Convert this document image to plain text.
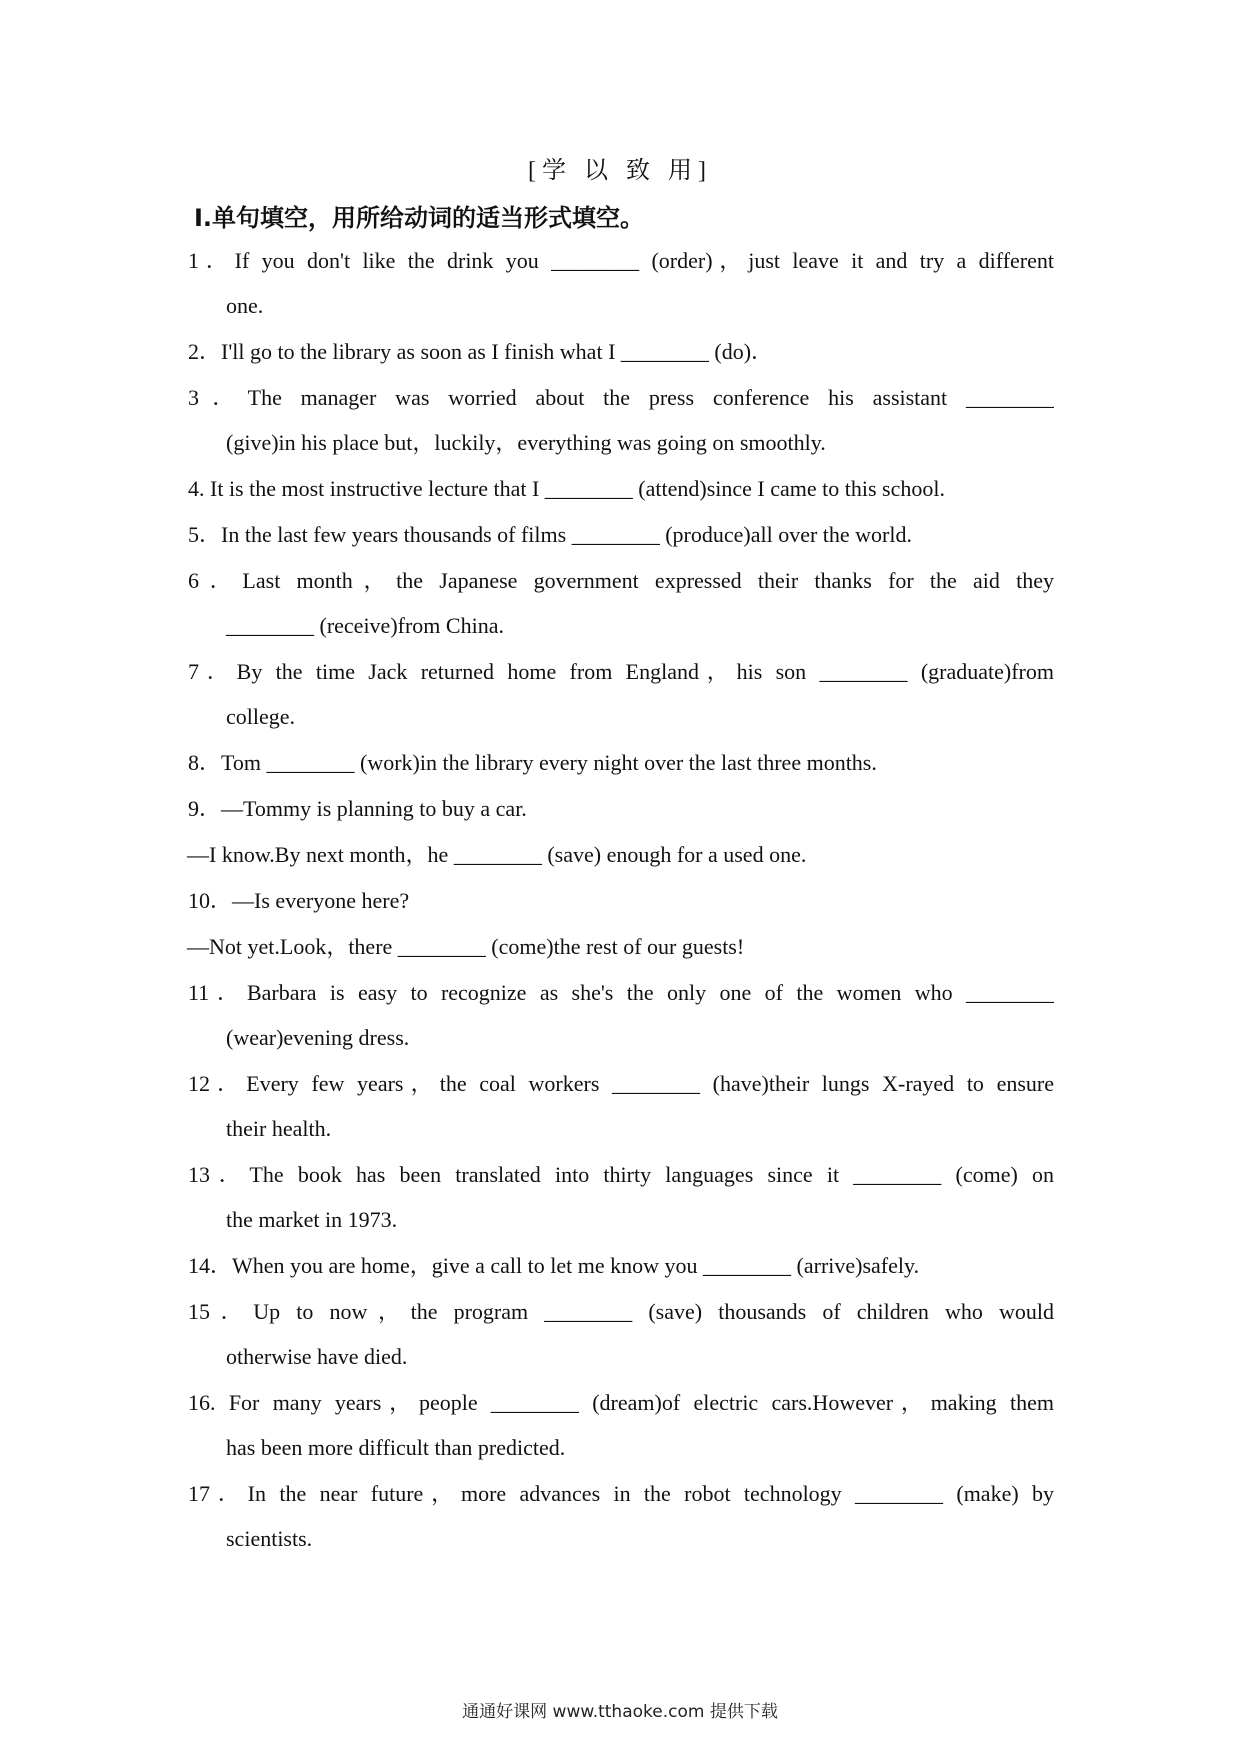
[学 以 致 用]
Ⅰ.单句填空，用所给动词的适当形式填空。

1．If you don't like the drink you ________ (order)，just leave it and try a different

one.

2．I'll go to the library as soon as I finish what I ________ (do)．

3．The manager was worried about the press conference his assistant ________

(give)in his place but，luckily，everything was going on smoothly.

4. It is the most instructive lecture that I ________ (attend)since I came to this school.

5．In the last few years thousands of films ________ (produce)all over the world.

6．Last month，the Japanese government expressed their thanks for the aid they

________ (receive)from China.

7．By the time Jack returned home from England，his son ________ (graduate)from

college.

8．Tom ________ (work)in the library every night over the last three months.

9．—Tommy is planning to buy a car.

—I know.By next month，he ________ (save) enough for a used one.

10．—Is everyone here?

—Not yet.Look，there ________ (come)the rest of our guests!

11．Barbara is easy to recognize as she's the only one of the women who ________

(wear)evening dress.

12．Every few years，the coal workers ________ (have)their lungs X-rayed to ensure

their health.

13．The book has been translated into thirty languages since it ________ (come) on

the market in 1973.

14．When you are home，give a call to let me know you ________ (arrive)safely.

15．Up to now，the program ________ (save) thousands of children who would

otherwise have died.

16. For many years，people ________ (dream)of electric cars.However，making them

has been more difficult than predicted.

17．In the near future，more advances in the robot technology ________ (make) by

scientists.

通通好课网 www.tthaoke.com 提供下载
